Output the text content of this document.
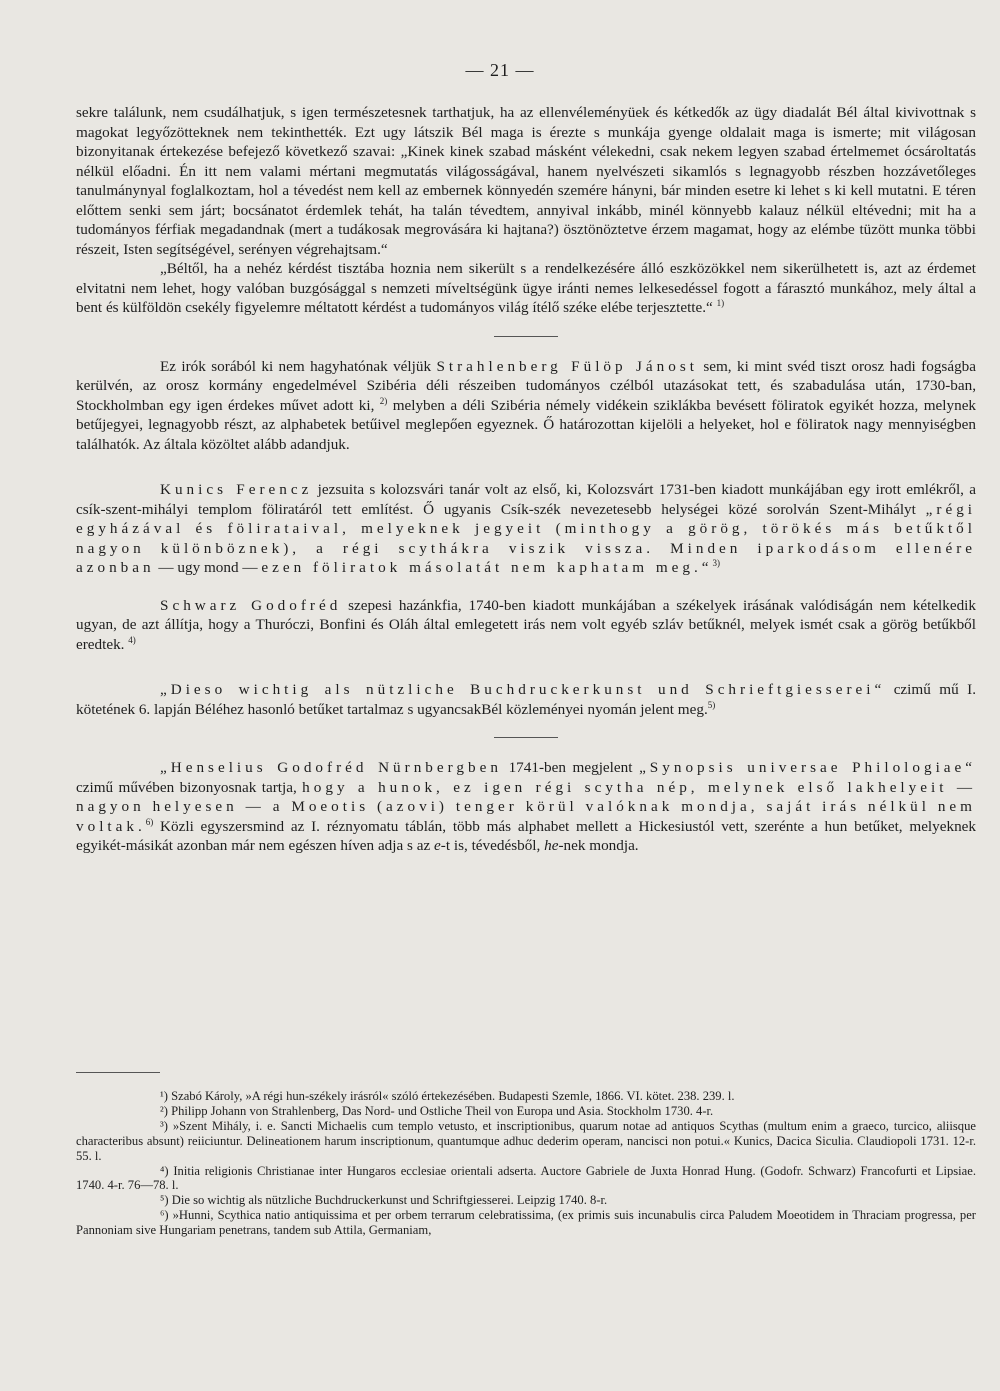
— 21 —

sekre találunk, nem csudálhatjuk, s igen természetesnek tarthatjuk, ha az ellenvéleményüek és kétkedők az ügy diadalát Bél által kivivottnak s magokat legyőzötteknek nem tekinthették. Ezt ugy látszik Bél maga is érezte s munkája gyenge oldalait maga is ismerte; mit világosan bizonyitanak értekezése befejező következő szavai: „Kinek kinek szabad másként vélekedni, csak nekem legyen szabad értelmemet ócsároltatás nélkül előadni. Én itt nem valami mértani megmutatás világosságával, hanem nyelvészeti sikamlós s legnagyobb részben hozzávetőleges tanulmánynyal foglalkoztam, hol a tévedést nem kell az embernek könnyedén szemére hányni, bár minden esetre ki lehet s ki kell mutatni. E téren előttem senki sem járt; bocsánatot érdemlek tehát, ha talán tévedtem, annyival inkább, minél könnyebb kalauz nélkül eltévedni; mit ha a tudományos férfiak megadandnak (mert a tudákosak megrovására ki hajtana?) ösztönöztetve érzem magamat, hogy az elémbe tüzött munka többi részeit, Isten segítségével, serényen végrehajtsam.“

„Béltől, ha a nehéz kérdést tisztába hoznia nem sikerült s a rendelkezésére álló eszközökkel nem sikerülhetett is, azt az érdemet elvitatni nem lehet, hogy valóban buzgósággal s nemzeti míveltségünk ügye iránti nemes lelkesedéssel fogott a fárasztó munkához, mely által a bent és külföldön csekély figyelemre méltatott kérdést a tudományos világ ítélő széke elébe terjesztette.“ $^{1)}$

Ez irók sorából ki nem hagyhatónak véljük Strahlenberg Fülöp Jánost sem, ki mint svéd tiszt orosz hadi fogságba kerülvén, az orosz kormány engedelmével Szibéria déli részeiben tudományos czélból utazásokat tett, és szabadulása után, 1730-ban, Stockholmban egy igen érdekes művet adott ki, $^{2)}$ melyben a déli Szibéria némely vidékein sziklákba bevésett föliratok egyikét hozza, melynek betűjegyei, legnagyobb részt, az alphabetek betűivel meglepően egyeznek. Ő határozottan kijelöli a helyeket, hol e föliratok nagy mennyiségben találhatók. Az általa közöltet alább adandjuk.

Kunics Ferencz jezsuita s kolozsvári tanár volt az első, ki, Kolozsvárt 1731-ben kiadott munkájában egy irott emlékről, a csík-szent-mihályi templom föliratáról tett említést. Ő ugyanis Csík-szék nevezetesebb helységei közé sorolván Szent-Mihályt „régi egyházával és fölirataival, melyeknek jegyeit (minthogy a görög, törökés más betűktől nagyon különböznek), a régi scythákra viszik vissza. Minden iparkodásom ellenére azonban — ugy mond — ezen föliratok másolatát nem kaphatam meg.“$^{3)}$

Schwarz Godofréd szepesi hazánkfia, 1740-ben kiadott munkájában a székelyek irásának valódiságán nem kételkedik ugyan, de azt állítja, hogy a Thuróczi, Bonfini és Oláh által emlegetett irás nem volt egyéb szláv betűknél, melyek ismét csak a görög betűkből eredtek. $^{4)}$

„Dieso wichtig als nützliche Buchdruckerkunst und Schrieftgiesserei“ czimű mű I. kötetének 6. lapján Béléhez hasonló betűket tartalmaz s ugyancsakBél közleményei nyomán jelent meg.$^{5)}$

„Henselius Godofréd Nürnbergben 1741-ben megjelent „Synopsis universae Philologiae“ czimű művében bizonyosnak tartja, hogy a hunok, ez igen régi scytha nép, melynek első lakhelyeit — nagyon helyesen — a Moeotis (azovi) tenger körül valóknak mondja, saját irás nélkül nem voltak.$^{6)}$ Közli egyszersmind az I. réznyomatu táblán, több más alphabet mellett a Hickesiustól vett, szerénte a hun betűket, melyeknek egyikét-másikát azonban már nem egészen híven adja s az e-t is, tévedésből, he-nek mondja.

¹) Szabó Károly, »A régi hun-székely irásról« szóló értekezésében. Budapesti Szemle, 1866. VI. kötet. 238. 239. l.

²) Philipp Johann von Strahlenberg, Das Nord- und Ostliche Theil von Europa und Asia. Stockholm 1730. 4-r.

³) »Szent Mihály, i. e. Sancti Michaelis cum templo vetusto, et inscriptionibus, quarum notae ad antiquos Scythas (multum enim a graeco, turcico, aliisque characteribus absunt) reiiciuntur. Delineationem harum inscriptionum, quantumque adhuc dederim operam, nancisci non potui.« Kunics, Dacica Siculia. Claudiopoli 1731. 12-r. 55. l.

⁴) Initia religionis Christianae inter Hungaros ecclesiae orientali adserta. Auctore Gabriele de Juxta Honrad Hung. (Godofr. Schwarz) Francofurti et Lipsiae. 1740. 4-r. 76—78. l.

⁵) Die so wichtig als nützliche Buchdruckerkunst und Schriftgiesserei. Leipzig 1740. 8-r.

⁶) »Hunni, Scythica natio antiquissima et per orbem terrarum celebratissima, (ex primis suis incunabulis circa Paludem Moeotidem in Thraciam progressa, per Pannoniam sive Hungariam penetrans, tandem sub Attila, Germaniam,
